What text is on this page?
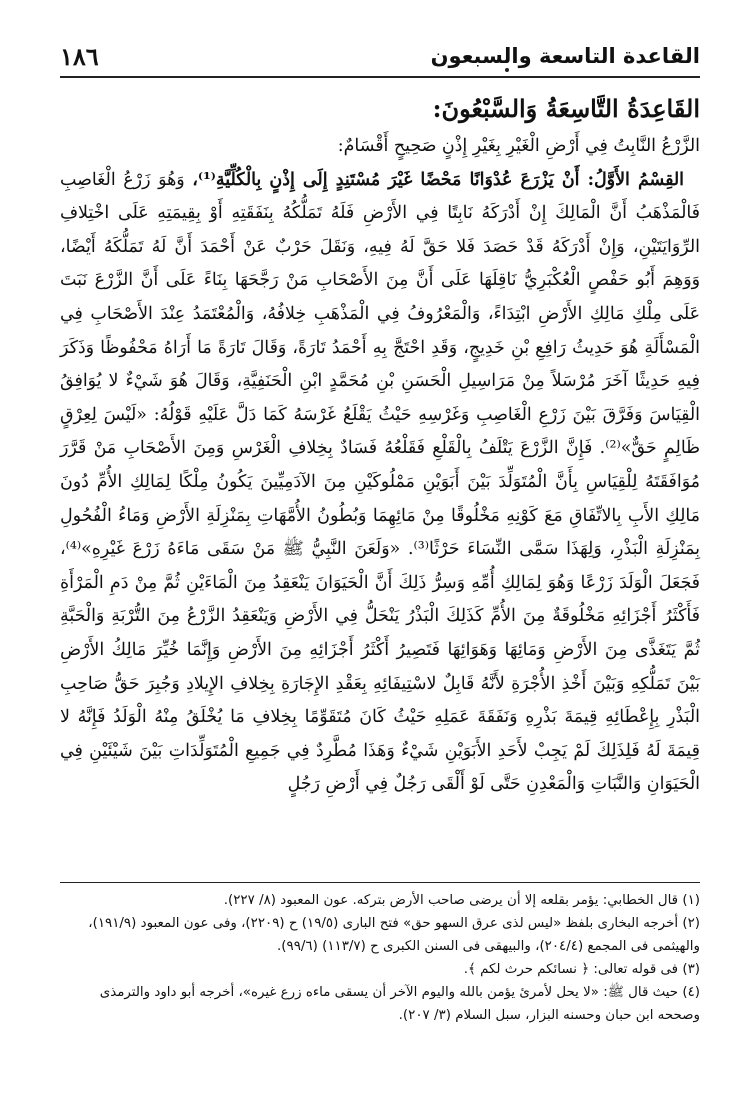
١٨٦	القاعدة التاسعة والسبعون
القَاعِدَةُ التَّاسِعَةُ وَالسَّبْعُونَ:

الزَّرْعُ النَّابِتُ فِي أَرْضِ الْغَيْرِ بِغَيْرِ إِذْنٍ صَحِيحٍ أَقْسَامٌ:

القِسْمُ الأَوَّلُ: أَنْ يَزْرَعَ عُدْوَانًا مَحْضًا غَيْرَ مُسْتَنِدٍ إِلَى إِذْنٍ بِالْكُلِّيَّةِ⁽¹⁾، وَهُوَ زَرْعُ الْغَاصِبِ فَالْمَذْهَبُ أَنَّ الْمَالِكَ إِنْ أَدْرَكَهُ نَابِتًا فِي الأَرْضِ فَلَهُ تَمَلُّكُهُ بِنَفَقَتِهِ أَوْ بِقِيمَتِهِ عَلَى اخْتِلافِ الرِّوَايَتَيْنِ، وَإِنْ أَدْرَكَهُ قَدْ حَصَدَ فَلا حَقَّ لَهُ فِيهِ، وَنَقَلَ حَرْبٌ عَنْ أَحْمَدَ أَنَّ لَهُ تَمَلُّكَهُ أَيْضًا، وَوَهِمَ أَبُو حَفْصٍ الْعُكْبَرِيُّ نَاقِلَهَا عَلَى أَنَّ مِنَ الأَصْحَابِ مَنْ رَجَّحَهَا بِنَاءً عَلَى أَنَّ الزَّرْعَ نَبَتَ عَلَى مِلْكِ مَالِكِ الأَرْضِ ابْتِدَاءً، وَالْمَعْرُوفُ فِي الْمَذْهَبِ خِلافُهُ، وَالْمُعْتَمَدُ عِنْدَ الأَصْحَابِ فِي الْمَسْأَلَةِ هُوَ حَدِيثُ رَافِعِ بْنِ خَدِيجٍ، وَقَدِ احْتَجَّ بِهِ أَحْمَدُ تَارَةً، وَقَالَ تَارَةً مَا أَرَاهُ مَحْفُوظًا وَذَكَرَ فِيهِ حَدِيثًا آخَرَ مُرْسَلاً مِنْ مَرَاسِيلِ الْحَسَنِ بْنِ مُحَمَّدٍ ابْنِ الْحَنَفِيَّةِ، وَقَالَ هُوَ شَيْءٌ لا يُوَافِقُ الْقِيَاسَ وَفَرَّقَ بَيْنَ زَرْعِ الْغَاصِبِ وَغَرْسِهِ حَيْثُ يَقْلَعُ غَرْسَهُ كَمَا دَلَّ عَلَيْهِ قَوْلُهُ: «لَيْسَ لِعِرْقٍ ظَالِمٍ حَقٌّ»⁽²⁾. فَإِنَّ الزَّرْعَ يَتْلَفُ بِالْقَلْعِ فَقَلْعُهُ فَسَادٌ بِخِلافِ الْغَرْسِ وَمِنَ الأَصْحَابِ مَنْ قَرَّرَ مُوَافَقَتَهُ لِلْقِيَاسِ بِأَنَّ الْمُتَوَلِّدَ بَيْنَ أَبَوَيْنِ مَمْلُوكَيْنِ مِنَ الآدَمِيِّينَ يَكُونُ مِلْكًا لِمَالِكِ الأُمِّ دُونَ مَالِكِ الأَبِ بِالاتِّفَاقِ مَعَ كَوْنِهِ مَخْلُوقًا مِنْ مَائِهِمَا وَبُطُونُ الأُمَّهَاتِ بِمَنْزِلَةِ الأَرْضِ وَمَاءُ الْفُحُولِ بِمَنْزِلَةِ الْبَذْرِ، وَلِهَذَا سَمَّى النِّسَاءَ حَرْثًا⁽³⁾. «وَلَعَنَ النَّبِيُّ ﷺ مَنْ سَقَى مَاءَهُ زَرْعَ غَيْرِهِ»⁽⁴⁾، فَجَعَلَ الْوَلَدَ زَرْعًا وَهُوَ لِمَالِكِ أُمِّهِ وَسِرُّ ذَلِكَ أَنَّ الْحَيَوَانَ يَنْعَقِدُ مِنَ الْمَاءَيْنِ ثُمَّ مِنْ دَمِ الْمَرْأَةِ فَأَكْثَرُ أَجْزَائِهِ مَخْلُوقَةٌ مِنَ الأُمِّ كَذَلِكَ الْبَذْرُ يَنْحَلُّ فِي الأَرْضِ وَيَنْعَقِدُ الزَّرْعُ مِنَ التُّرْبَةِ وَالْحَبَّةِ ثُمَّ يَتَغَذَّى مِنَ الأَرْضِ وَمَائِهَا وَهَوَائِهَا فَتَصِيرُ أَكْثَرُ أَجْزَائِهِ مِنَ الأَرْضِ وَإِنَّمَا خُيِّرَ مَالِكُ الأَرْضِ بَيْنَ تَمَلُّكِهِ وَبَيْنَ أَخْذِ الأُجْرَةِ لأَنَّهُ قَابِلٌ لاسْتِيفَائِهِ بِعَقْدِ الإِجَارَةِ بِخِلافِ الإِيلادِ وَجُبِرَ حَقُّ صَاحِبِ الْبَذْرِ بِإِعْطَائِهِ قِيمَةَ بَذْرِهِ وَنَفَقَةَ عَمَلِهِ حَيْثُ كَانَ مُتَقَوِّمًا بِخِلافِ مَا يُخْلَقُ مِنْهُ الْوَلَدُ فَإِنَّهُ لا قِيمَةَ لَهُ فَلِذَلِكَ لَمْ يَجِبْ لأَحَدِ الأَبَوَيْنِ شَيْءٌ وَهَذَا مُطَّرِدٌ فِي جَمِيعِ الْمُتَوَلِّدَاتِ بَيْنَ شَيْئَيْنِ فِي الْحَيَوَانِ وَالنَّبَاتِ وَالْمَعْدِنِ حَتَّى لَوْ أَلْقَى رَجُلٌ فِي أَرْضِ رَجُلٍ

(١) قال الخطابي: يؤمر بقلعه إلا أن يرضى صاحب الأرض بتركه. عون المعبود (٨/ ٢٢٧).

(٢) أخرجه البخارى بلفظ «ليس لذى عرق السهو حق» فتح البارى (١٩/٥) ح (٢٢٠٩)، وفى عون المعبود (١٩١/٩)، والهيثمى فى المجمع (٢٠٤/٤)، والبيهقى فى السنن الكبرى ح (١١٣/٧) (٩٩/٦).

(٣) فى قوله تعالى: ﴿ نسائكم حرث لكم ﴾.

(٤) حيث قال ﷺ: «لا يحل لأمرئ يؤمن بالله واليوم الآخر أن يسقى ماءه زرع غيره»، أخرجه أبو داود والترمذى وصححه ابن حبان وحسنه البزار، سبل السلام (٣/ ٢٠٧).
